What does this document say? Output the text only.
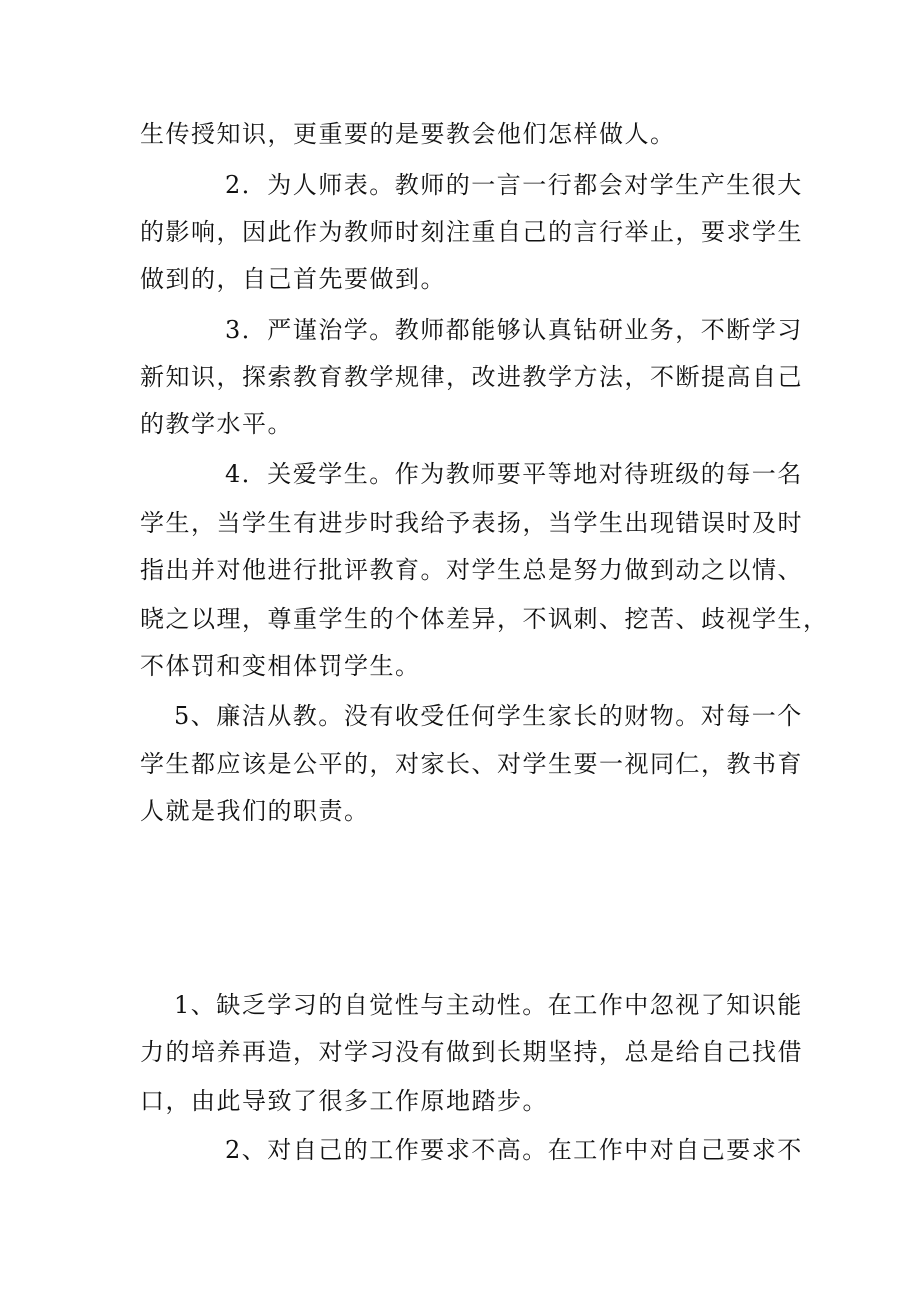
生传授知识，更重要的是要教会他们怎样做人。

2．为人师表。教师的一言一行都会对学生产生很大

的影响，因此作为教师时刻注重自己的言行举止，要求学生

做到的，自己首先要做到。

3．严谨治学。教师都能够认真钻研业务，不断学习

新知识，探索教育教学规律，改进教学方法，不断提高自己

的教学水平。

4．关爱学生。作为教师要平等地对待班级的每一名

学生，当学生有进步时我给予表扬，当学生出现错误时及时

指出并对他进行批评教育。对学生总是努力做到动之以情、

晓之以理，尊重学生的个体差异，不讽刺、挖苦、歧视学生，

不体罚和变相体罚学生。

5、廉洁从教。没有收受任何学生家长的财物。对每一个

学生都应该是公平的，对家长、对学生要一视同仁，教书育

人就是我们的职责。

1、缺乏学习的自觉性与主动性。在工作中忽视了知识能

力的培养再造，对学习没有做到长期坚持，总是给自己找借

口，由此导致了很多工作原地踏步。

2、对自己的工作要求不高。在工作中对自己要求不
